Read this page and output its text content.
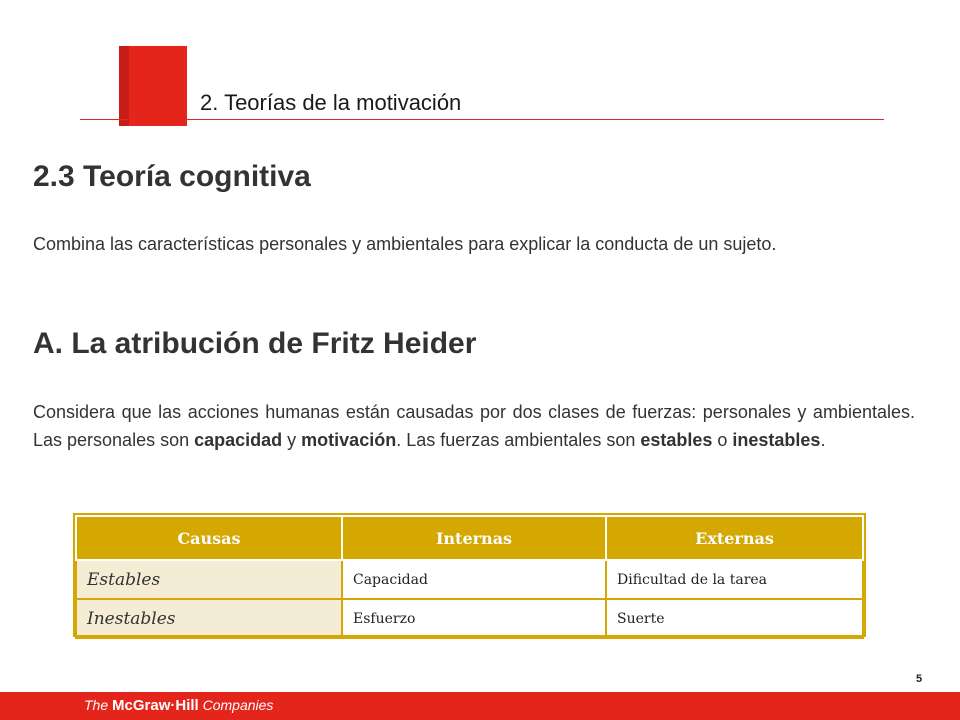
2. Teorías de la motivación
2.3 Teoría cognitiva
Combina las características personales y ambientales para explicar la conducta de un sujeto.
A. La atribución de Fritz Heider
Considera que las acciones humanas están causadas por dos clases de fuerzas: personales y ambientales. Las personales son capacidad y motivación. Las fuerzas ambientales son estables o inestables.
Causas	Internas	Externas
Estables	Capacidad	Dificultad de la tarea
Inestables	Esfuerzo	Suerte
5
The McGraw·Hill Companies
